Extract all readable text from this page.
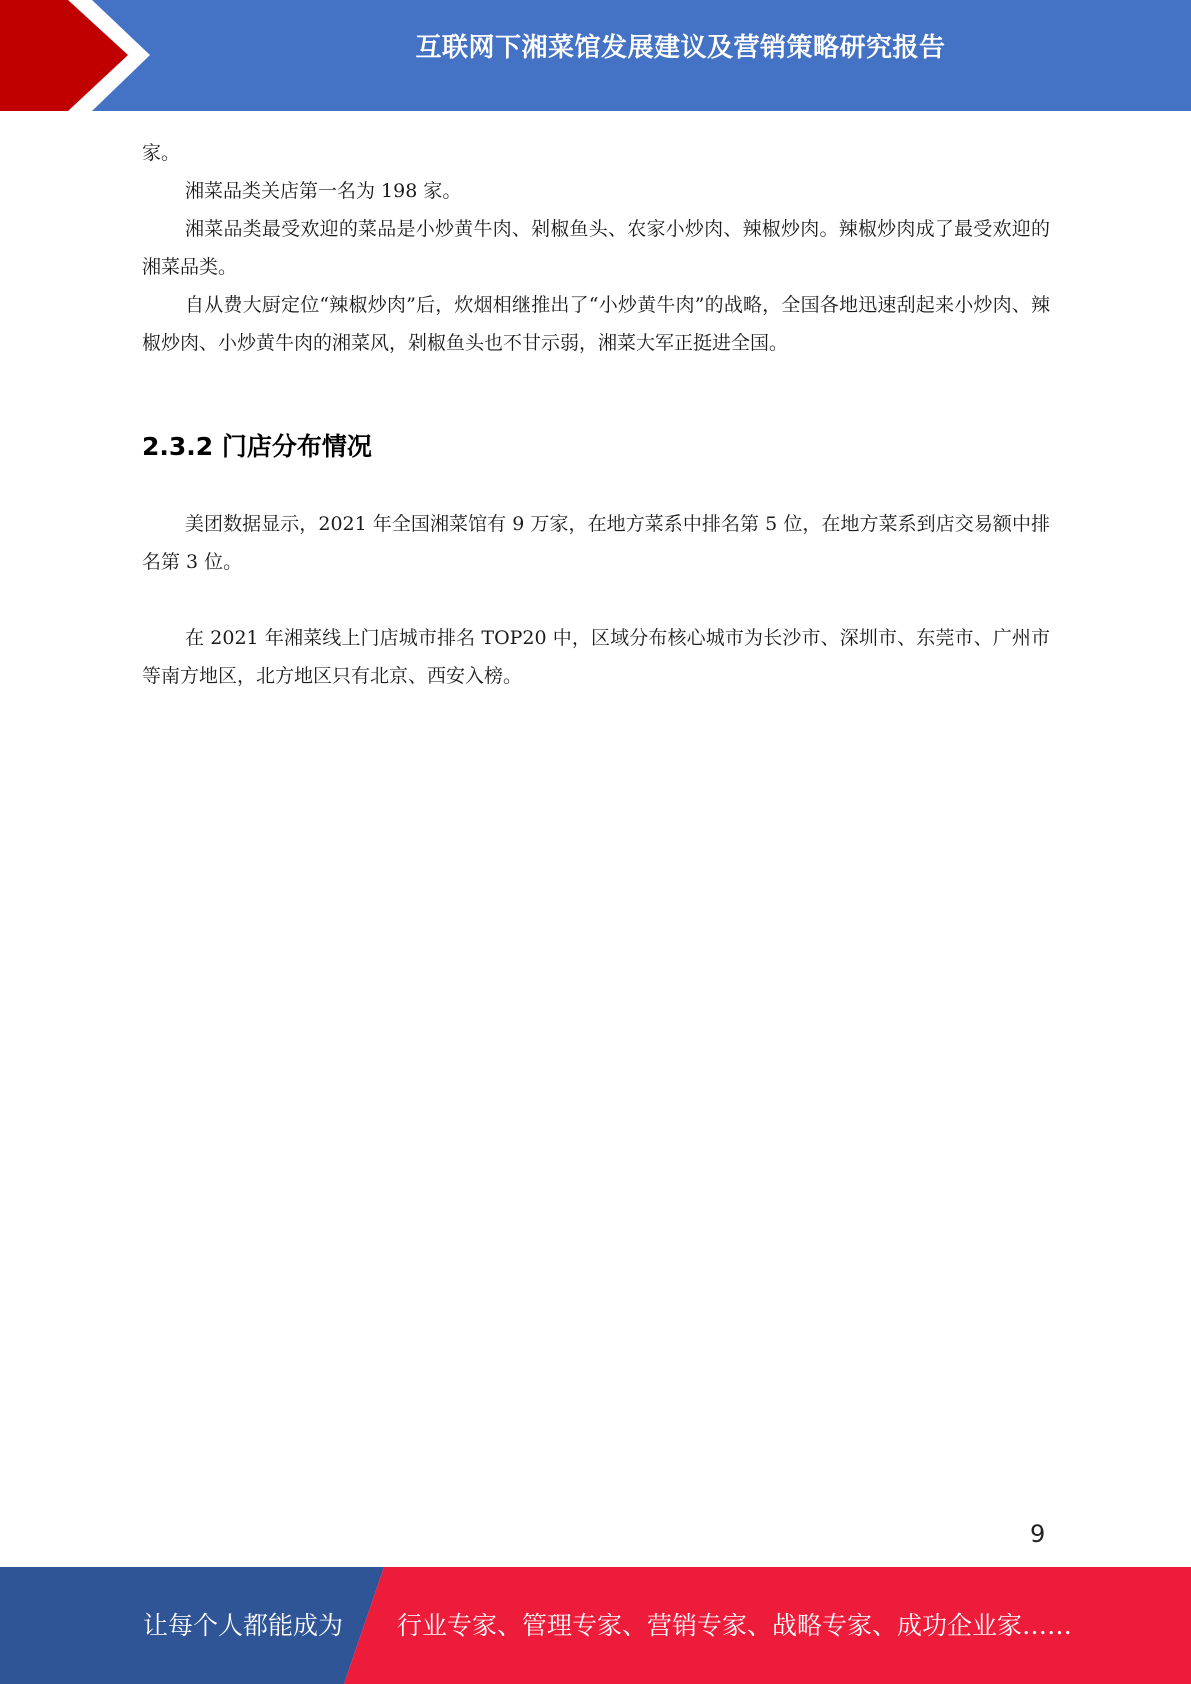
互联网下湘菜馆发展建议及营销策略研究报告

家。

湘菜品类关店第一名为 198 家。

湘菜品类最受欢迎的菜品是小炒黄牛肉、剁椒鱼头、农家小炒肉、辣椒炒肉。辣椒炒肉成了最受欢迎的湘菜品类。

自从费大厨定位“辣椒炒肉”后，炊烟相继推出了“小炒黄牛肉”的战略，全国各地迅速刮起来小炒肉、辣椒炒肉、小炒黄牛肉的湘菜风，剁椒鱼头也不甘示弱，湘菜大军正挺进全国。

2.3.2 门店分布情况

美团数据显示，2021 年全国湘菜馆有 9 万家，在地方菜系中排名第 5 位，在地方菜系到店交易额中排名第 3 位。

在 2021 年湘菜线上门店城市排名 TOP20 中，区域分布核心城市为长沙市、深圳市、东莞市、广州市等南方地区，北方地区只有北京、西安入榜。

9
让每个人都能成为 行业专家、管理专家、营销专家、战略专家、成功企业家……
